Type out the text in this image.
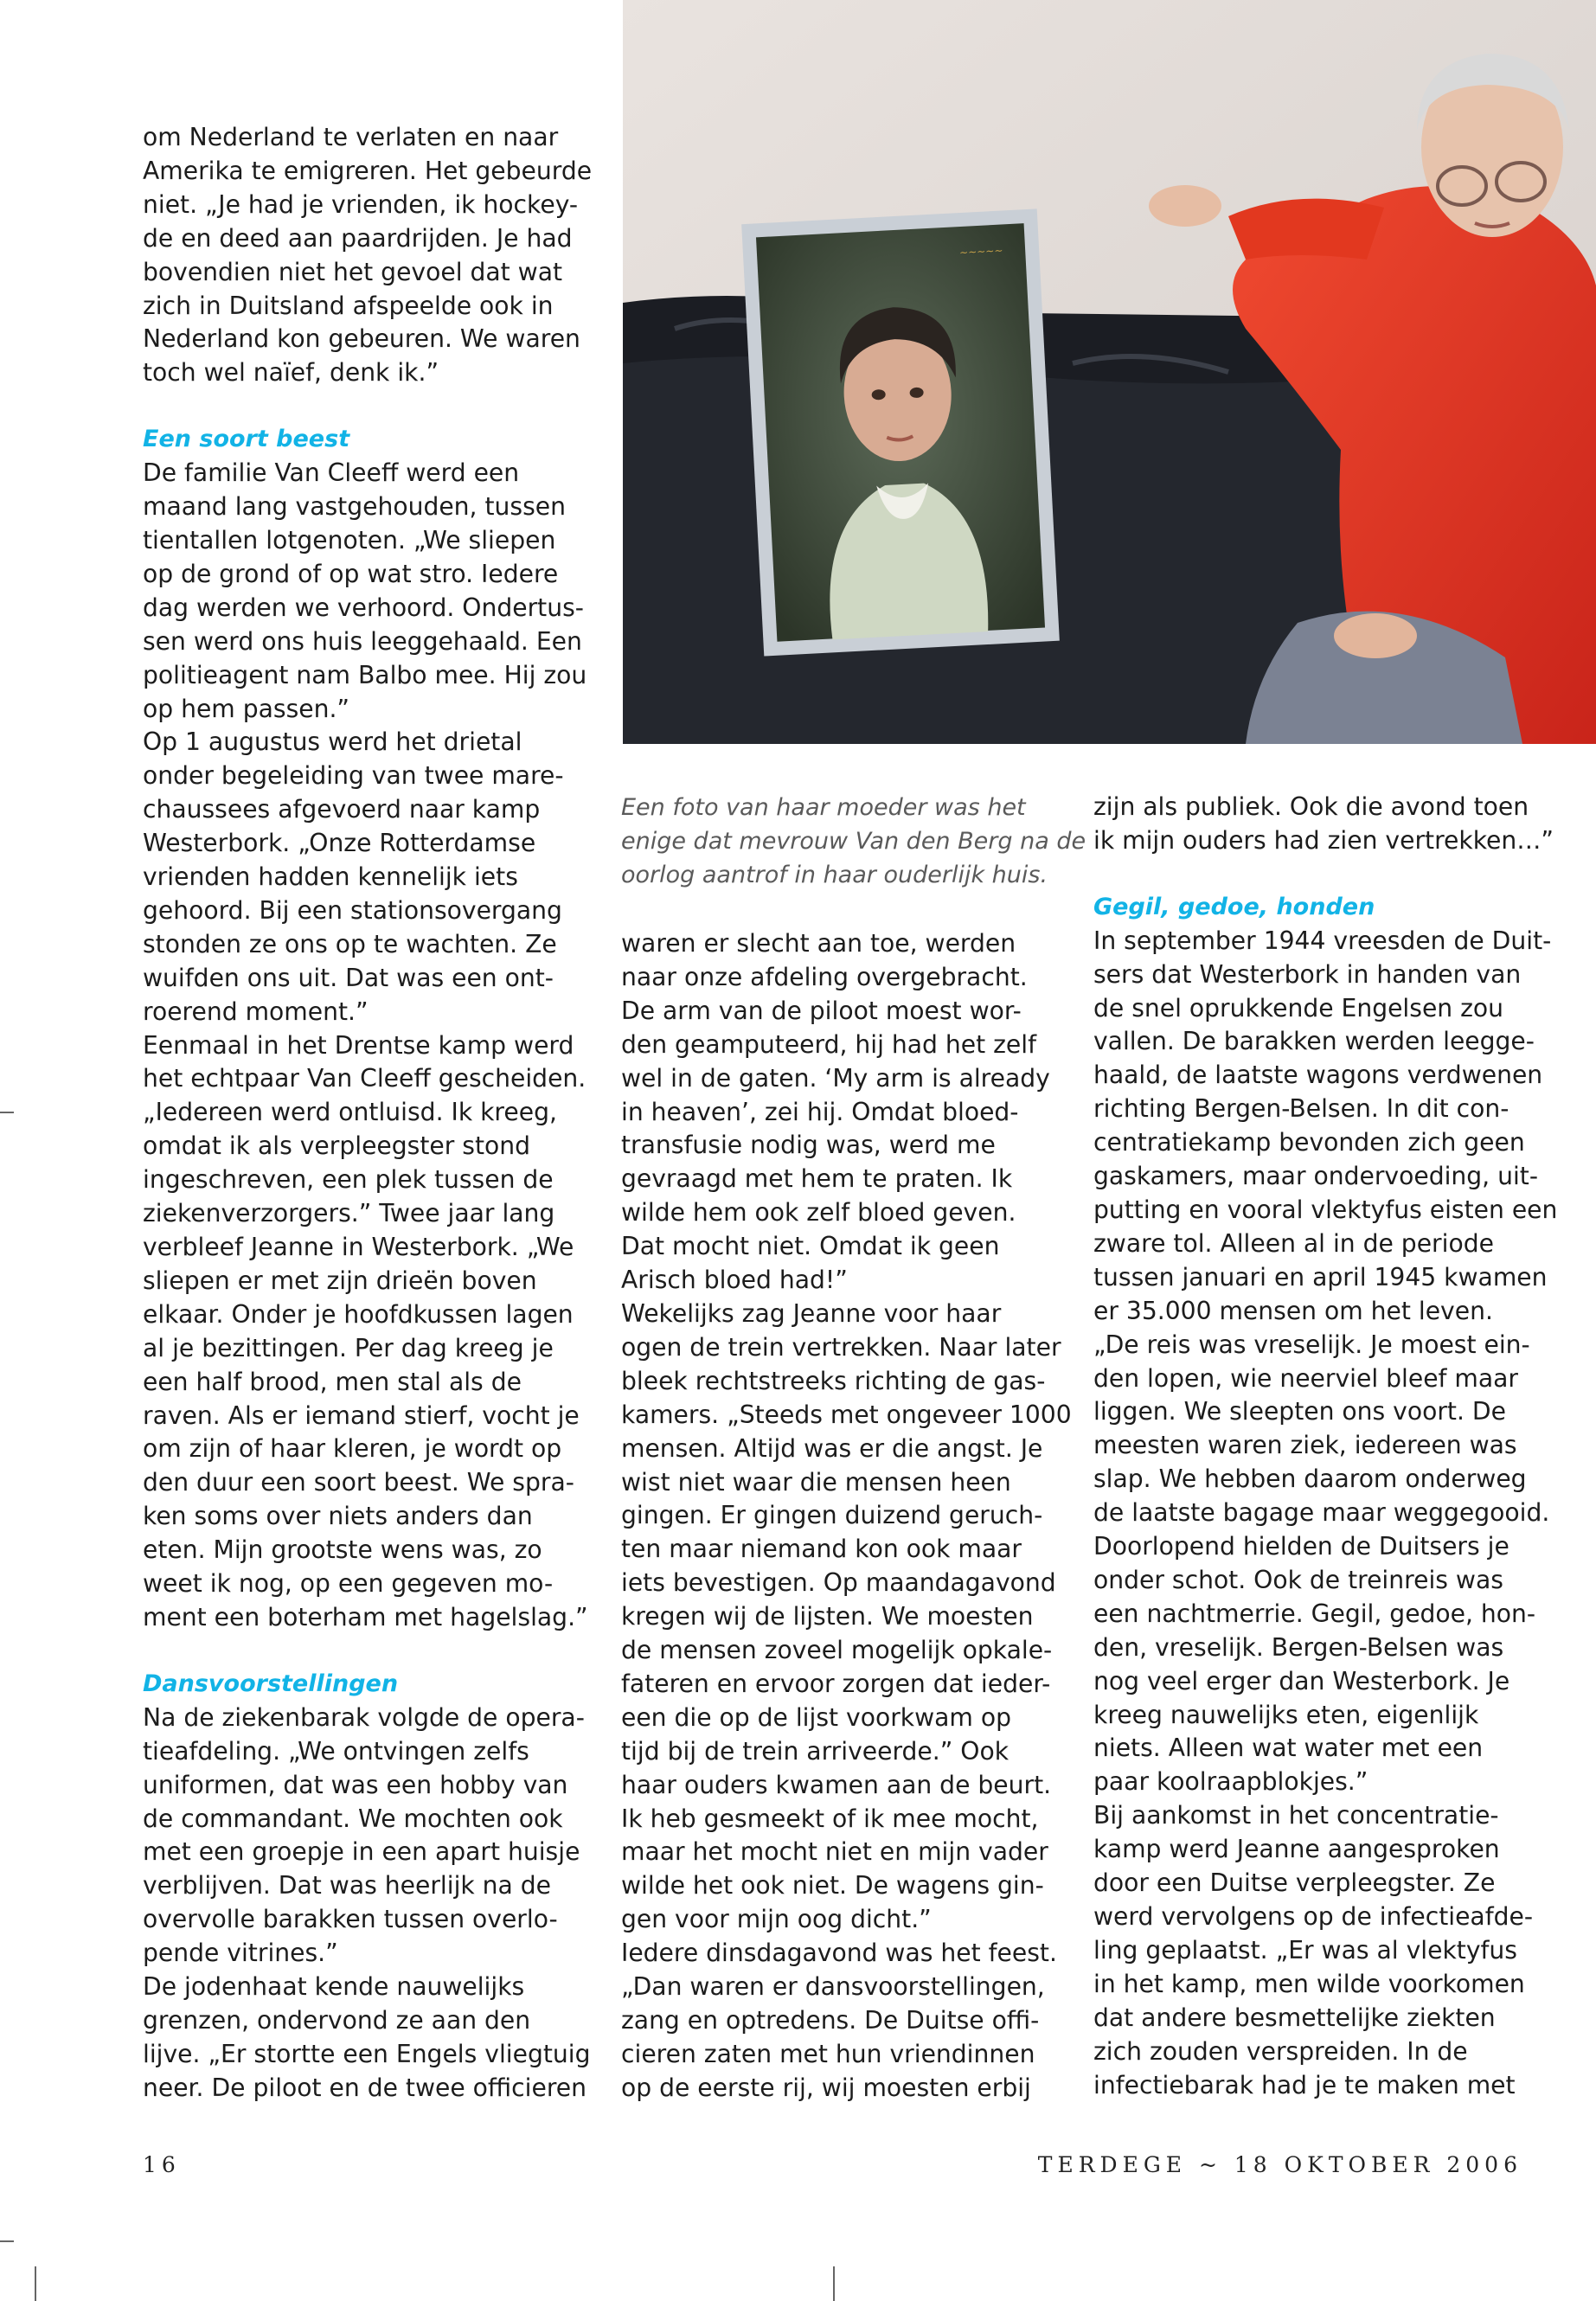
~~~~~

om Nederland te verlaten en naar

Amerika te emigreren. Het gebeurde

niet. „Je had je vrienden, ik hockey-

de en deed aan paardrijden. Je had

bovendien niet het gevoel dat wat

zich in Duitsland afspeelde ook in

Nederland kon gebeuren. We waren

toch wel naïef, denk ik.”

Een soort beest

De familie Van Cleeff werd een

maand lang vastgehouden, tussen

tientallen lotgenoten. „We sliepen

op de grond of op wat stro. Iedere

dag werden we verhoord. Ondertus-

sen werd ons huis leeggehaald. Een

politieagent nam Balbo mee. Hij zou

op hem passen.”

Op 1 augustus werd het drietal

onder begeleiding van twee mare-

chaussees afgevoerd naar kamp

Westerbork. „Onze Rotterdamse

vrienden hadden kennelijk iets

gehoord. Bij een stationsovergang

stonden ze ons op te wachten. Ze

wuifden ons uit. Dat was een ont-

roerend moment.”

Eenmaal in het Drentse kamp werd

het echtpaar Van Cleeff gescheiden.

„Iedereen werd ontluisd. Ik kreeg,

omdat ik als verpleegster stond

ingeschreven, een plek tussen de

ziekenverzorgers.” Twee jaar lang

verbleef Jeanne in Westerbork. „We

sliepen er met zijn drieën boven

elkaar. Onder je hoofdkussen lagen

al je bezittingen. Per dag kreeg je

een half brood, men stal als de

raven. Als er iemand stierf, vocht je

om zijn of haar kleren, je wordt op

den duur een soort beest. We spra-

ken soms over niets anders dan

eten. Mijn grootste wens was, zo

weet ik nog, op een gegeven mo-

ment een boterham met hagelslag.”

Dansvoorstellingen

Na de ziekenbarak volgde de opera-

tieafdeling. „We ontvingen zelfs

uniformen, dat was een hobby van

de commandant. We mochten ook

met een groepje in een apart huisje

verblijven. Dat was heerlijk na de

overvolle barakken tussen overlo-

pende vitrines.”

De jodenhaat kende nauwelijks

grenzen, ondervond ze aan den

lijve. „Er stortte een Engels vliegtuig

neer. De piloot en de twee officieren

Een foto van haar moeder was het

enige dat mevrouw Van den Berg na de

oorlog aantrof in haar ouderlijk huis.

waren er slecht aan toe, werden

naar onze afdeling overgebracht.

De arm van de piloot moest wor-

den geamputeerd, hij had het zelf

wel in de gaten. ‘My arm is already

in heaven’, zei hij. Omdat bloed-

transfusie nodig was, werd me

gevraagd met hem te praten. Ik

wilde hem ook zelf bloed geven.

Dat mocht niet. Omdat ik geen

Arisch bloed had!”

Wekelijks zag Jeanne voor haar

ogen de trein vertrekken. Naar later

bleek rechtstreeks richting de gas-

kamers. „Steeds met ongeveer 1000

mensen. Altijd was er die angst. Je

wist niet waar die mensen heen

gingen. Er gingen duizend geruch-

ten maar niemand kon ook maar

iets bevestigen. Op maandagavond

kregen wij de lijsten. We moesten

de mensen zoveel mogelijk opkale-

fateren en ervoor zorgen dat ieder-

een die op de lijst voorkwam op

tijd bij de trein arriveerde.” Ook

haar ouders kwamen aan de beurt.

Ik heb gesmeekt of ik mee mocht,

maar het mocht niet en mijn vader

wilde het ook niet. De wagens gin-

gen voor mijn oog dicht.”

Iedere dinsdagavond was het feest.

„Dan waren er dansvoorstellingen,

zang en optredens. De Duitse offi-

cieren zaten met hun vriendinnen

op de eerste rij, wij moesten erbij

zijn als publiek. Ook die avond toen

ik mijn ouders had zien vertrekken…”

Gegil, gedoe, honden

In september 1944 vreesden de Duit-

sers dat Westerbork in handen van

de snel oprukkende Engelsen zou

vallen. De barakken werden leegge-

haald, de laatste wagons verdwenen

richting Bergen-Belsen. In dit con-

centratiekamp bevonden zich geen

gaskamers, maar ondervoeding, uit-

putting en vooral vlektyfus eisten een

zware tol. Alleen al in de periode

tussen januari en april 1945 kwamen

er 35.000 mensen om het leven.

„De reis was vreselijk. Je moest ein-

den lopen, wie neerviel bleef maar

liggen. We sleepten ons voort. De

meesten waren ziek, iedereen was

slap. We hebben daarom onderweg

de laatste bagage maar weggegooid.

Doorlopend hielden de Duitsers je

onder schot. Ook de treinreis was

een nachtmerrie. Gegil, gedoe, hon-

den, vreselijk. Bergen-Belsen was

nog veel erger dan Westerbork. Je

kreeg nauwelijks eten, eigenlijk

niets. Alleen wat water met een

paar koolraapblokjes.”

Bij aankomst in het concentratie-

kamp werd Jeanne aangesproken

door een Duitse verpleegster. Ze

werd vervolgens op de infectieafde-

ling geplaatst. „Er was al vlektyfus

in het kamp, men wilde voorkomen

dat andere besmettelijke ziekten

zich zouden verspreiden. In de

infectiebarak had je te maken met

16	TERDEGE ~ 18 OKTOBER 2006
